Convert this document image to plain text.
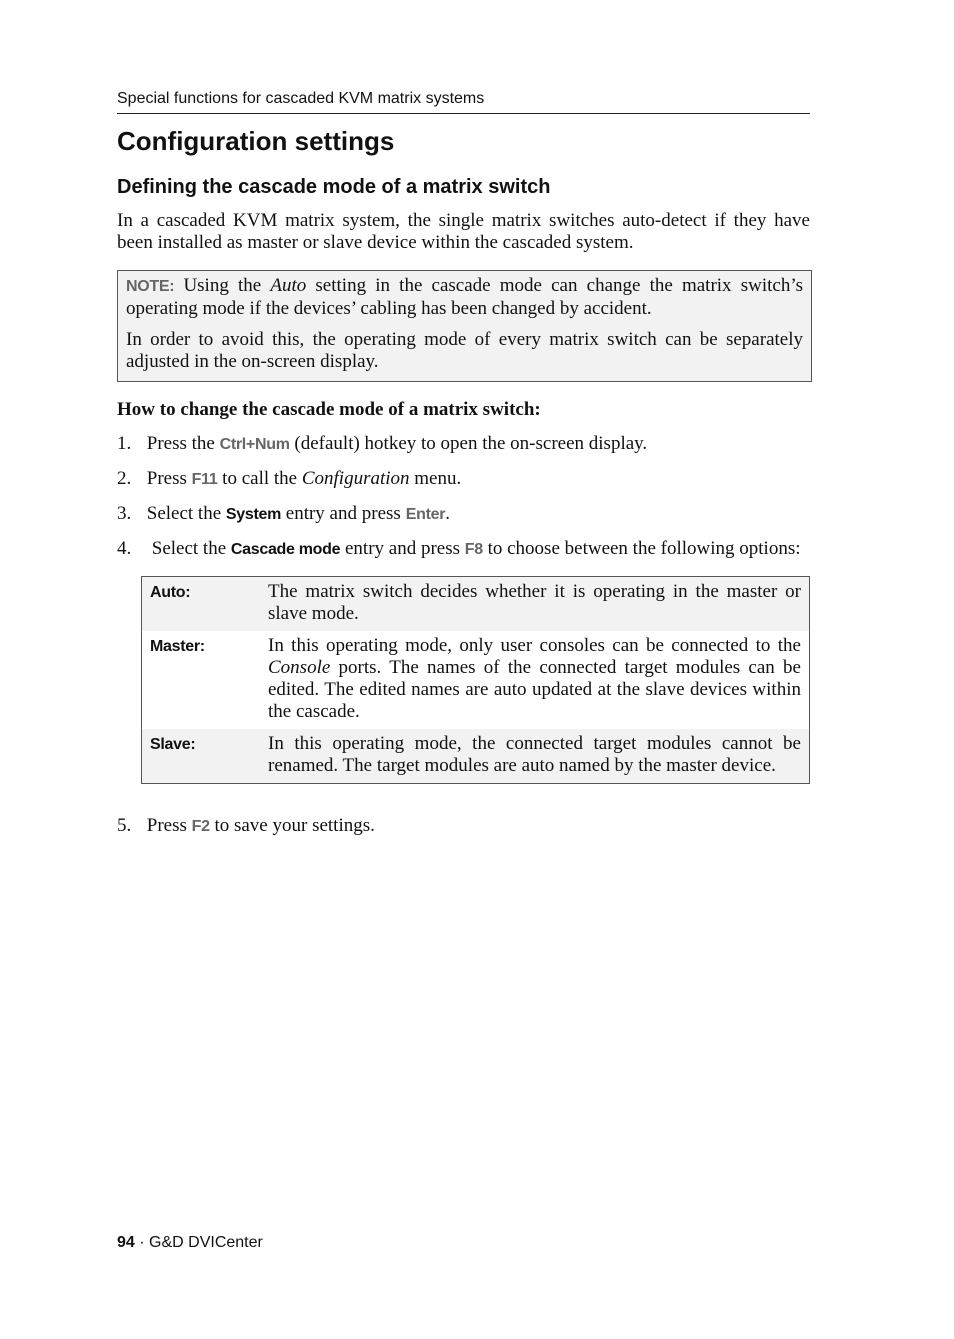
Special functions for cascaded KVM matrix systems
Configuration settings
Defining the cascade mode of a matrix switch

In a cascaded KVM matrix system, the single matrix switches auto-detect if they have been installed as master or slave device within the cascaded system.

NOTE: Using the Auto setting in the cascade mode can change the matrix switch’s operating mode if the devices’ cabling has been changed by accident.

In order to avoid this, the operating mode of every matrix switch can be separately adjusted in the on-screen display.

How to change the cascade mode of a matrix switch:

1. Press the Ctrl+Num (default) hotkey to open the on-screen display.
2. Press F11 to call the Configuration menu.
3. Select the System entry and press Enter.
4. Select the Cascade mode entry and press F8 to choose between the following options:
Auto:	The matrix switch decides whether it is operating in the master or slave mode.
Master:	In this operating mode, only user consoles can be connected to the Console ports. The names of the connected target modules can be edited. The edited names are auto updated at the slave devices within the cascade.
Slave:	In this operating mode, the connected target modules cannot be renamed. The target modules are auto named by the master device.
5. Press F2 to save your settings.
94 · G&D DVICenter
